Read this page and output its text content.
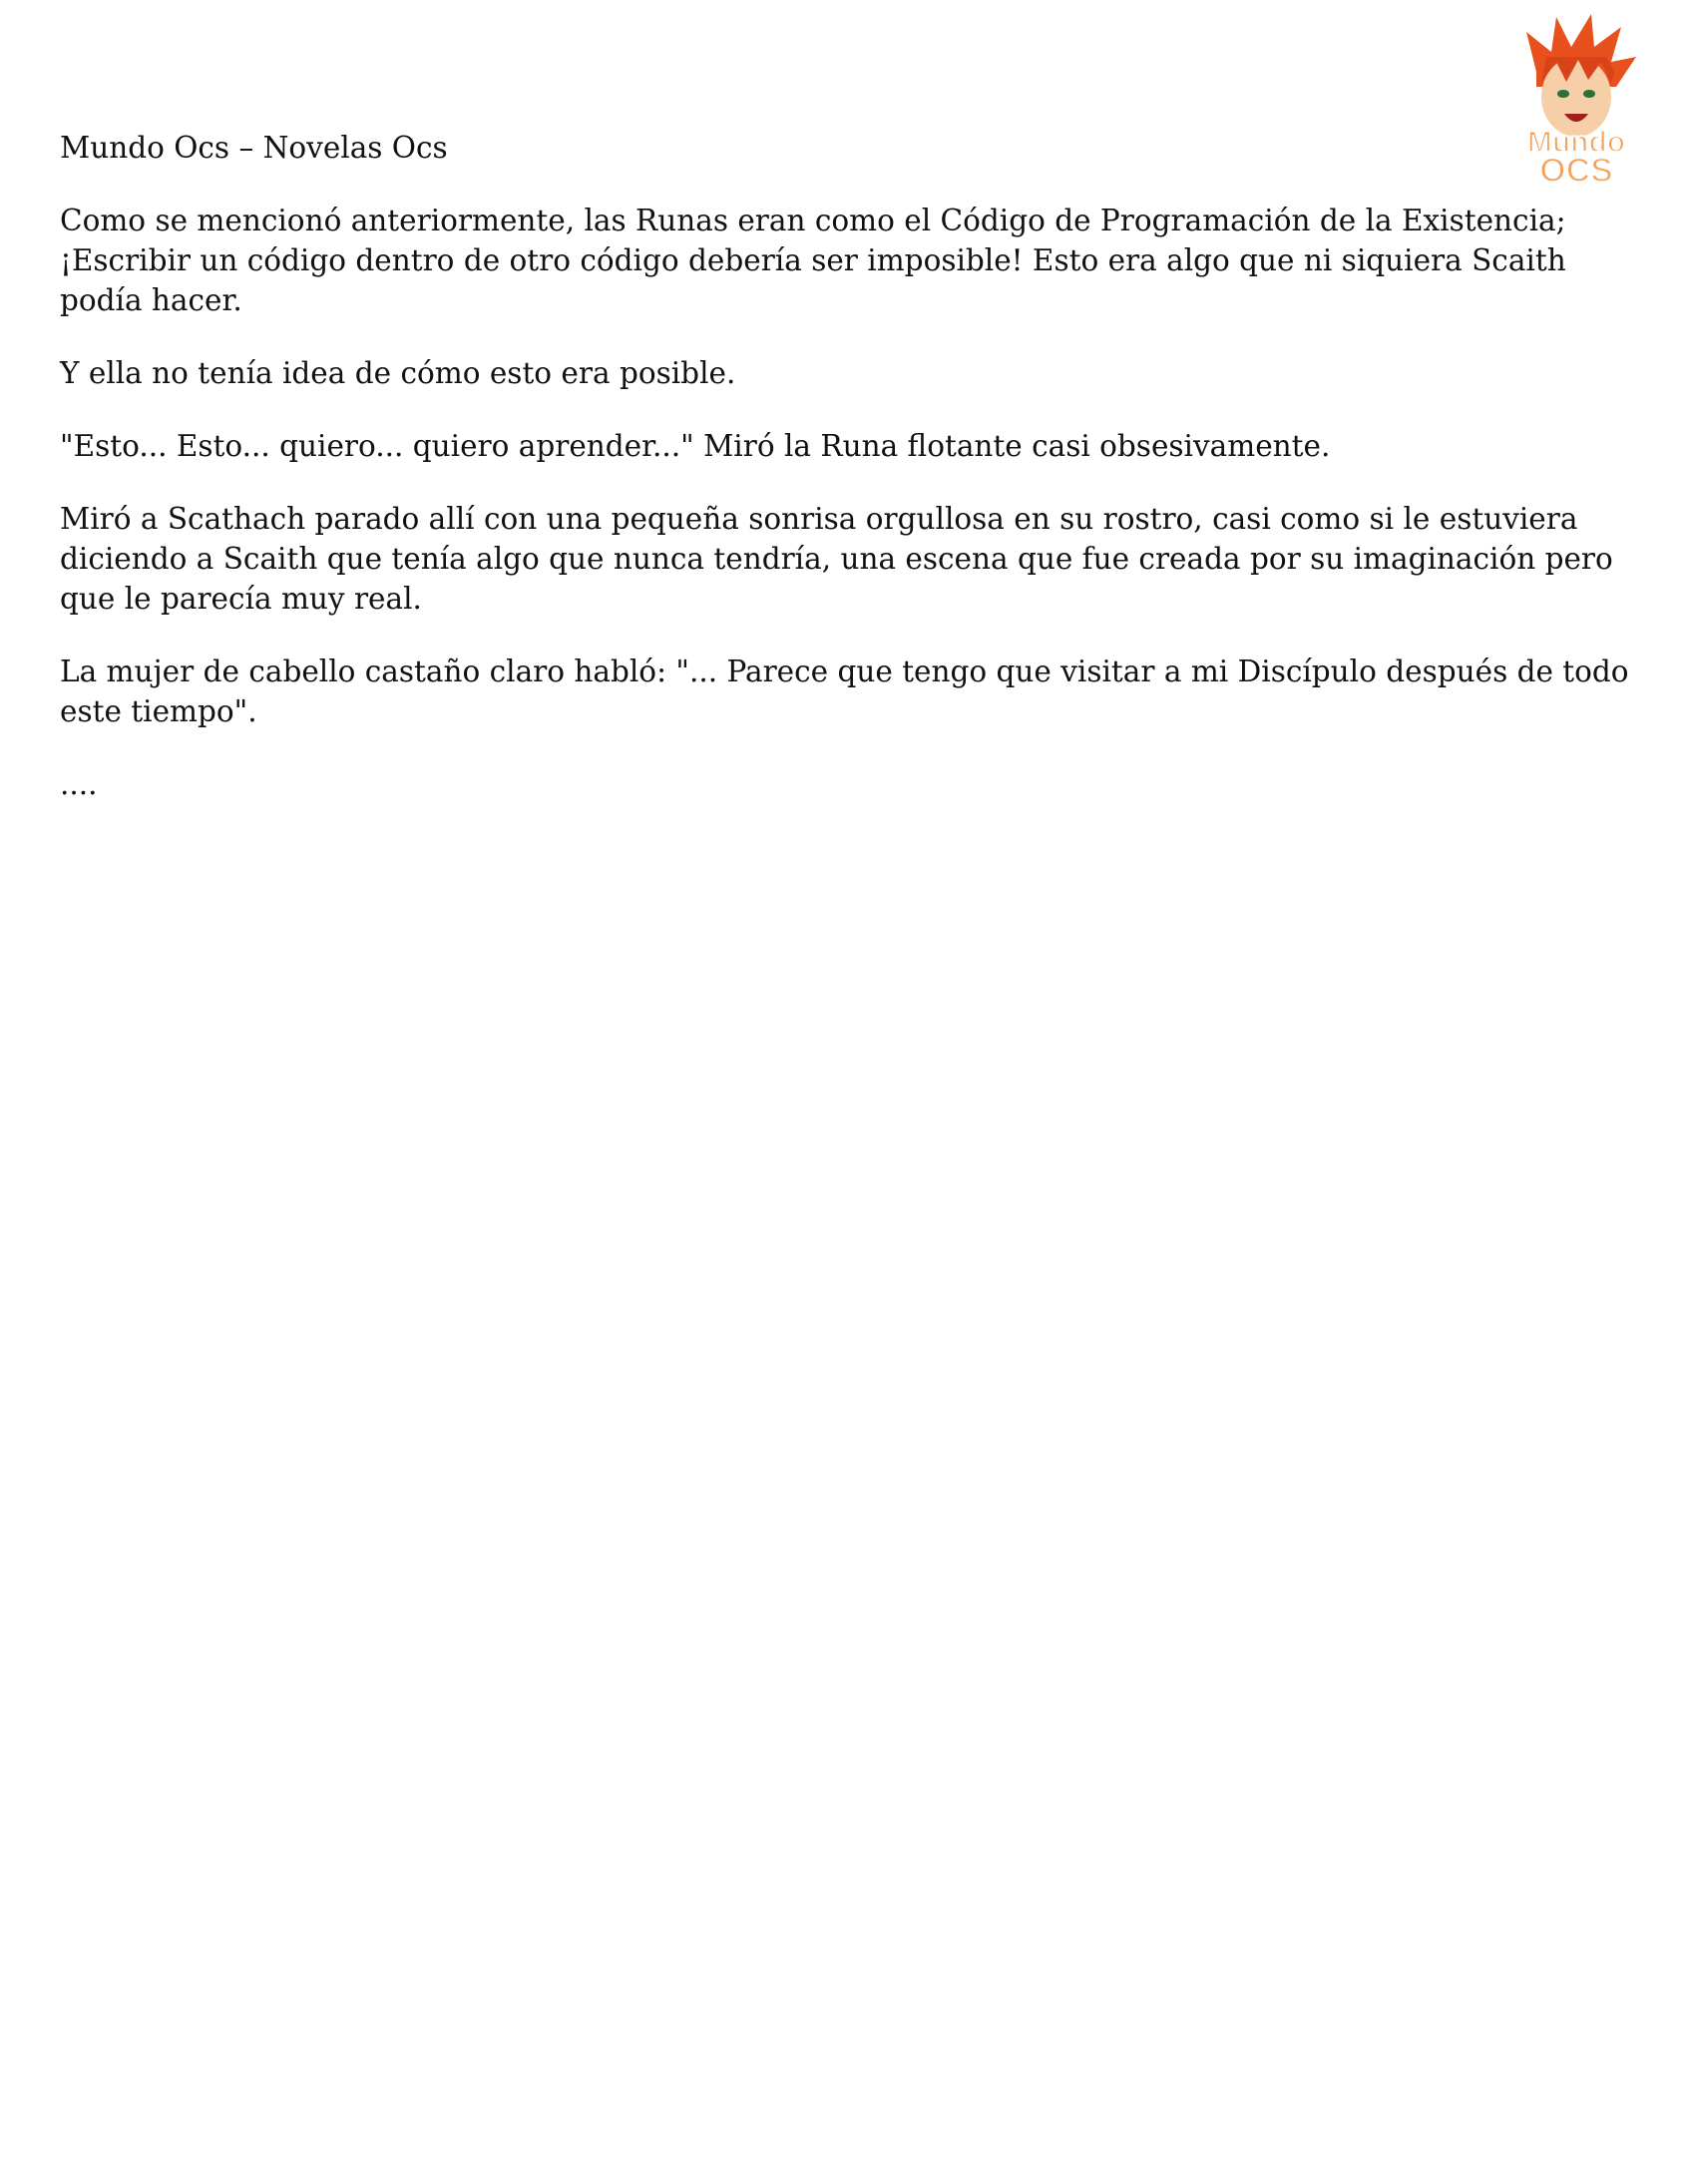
Mundo
OCS

Mundo Ocs – Novelas Ocs

Como se mencionó anteriormente, las Runas eran como el Código de Programación de la Existencia; ¡Escribir un código dentro de otro código debería ser imposible! Esto era algo que ni siquiera Scaith podía hacer.

Y ella no tenía idea de cómo esto era posible.

"Esto... Esto... quiero... quiero aprender..." Miró la Runa flotante casi obsesivamente.

Miró a Scathach parado allí con una pequeña sonrisa orgullosa en su rostro, casi como si le estuviera diciendo a Scaith que tenía algo que nunca tendría, una escena que fue creada por su imaginación pero que le parecía muy real.

La mujer de cabello castaño claro habló: "... Parece que tengo que visitar a mi Discípulo después de todo este tiempo".

....
